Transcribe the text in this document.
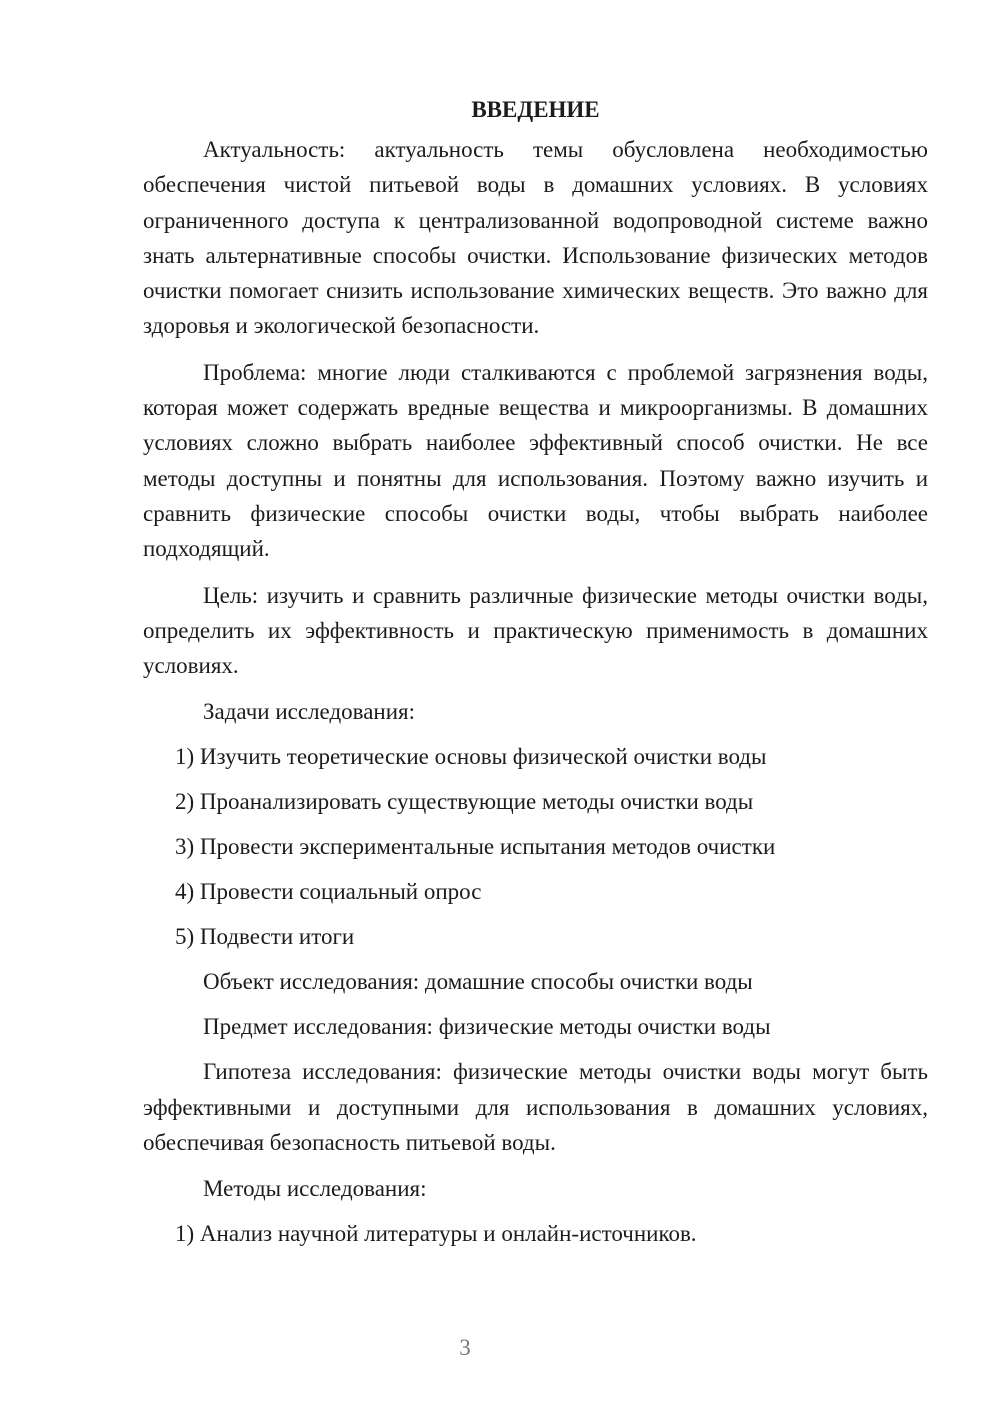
ВВЕДЕНИЕ

Актуальность: актуальность темы обусловлена необходимостью обеспечения чистой питьевой воды в домашних условиях. В условиях ограниченного доступа к централизованной водопроводной системе важно знать альтернативные способы очистки. Использование физических методов очистки помогает снизить использование химических веществ. Это важно для здоровья и экологической безопасности.

Проблема: многие люди сталкиваются с проблемой загрязнения воды, которая может содержать вредные вещества и микроорганизмы. В домашних условиях сложно выбрать наиболее эффективный способ очистки. Не все методы доступны и понятны для использования. Поэтому важно изучить и сравнить физические способы очистки воды, чтобы выбрать наиболее подходящий.

Цель: изучить и сравнить различные физические методы очистки воды, определить их эффективность и практическую применимость в домашних условиях.

Задачи исследования:
1) Изучить теоретические основы физической очистки воды
2) Проанализировать существующие методы очистки воды
3) Провести экспериментальные испытания методов очистки
4) Провести социальный опрос
5) Подвести итоги
Объект исследования: домашние способы очистки воды
Предмет исследования: физические методы очистки воды

Гипотеза исследования: физические методы очистки воды могут быть эффективными и доступными для использования в домашних условиях, обеспечивая безопасность питьевой воды.

Методы исследования:
1) Анализ научной литературы и онлайн-источников.
3
